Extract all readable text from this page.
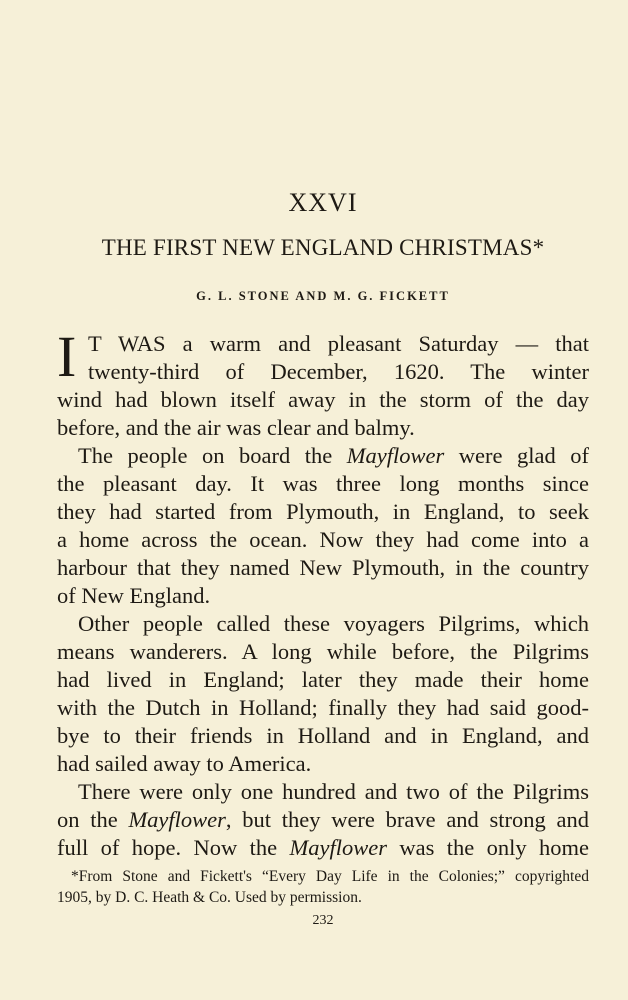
XXVI
THE FIRST NEW ENGLAND CHRISTMAS*
G. L. STONE AND M. G. FICKETT
I T WAS a warm and pleasant Saturday — that
twenty-third of December, 1620. The winter
wind had blown itself away in the storm of the day
before, and the air was clear and balmy.
The people on board the Mayflower were glad of
the pleasant day. It was three long months since
they had started from Plymouth, in England, to seek
a home across the ocean. Now they had come into a
harbour that they named New Plymouth, in the country
of New England.
Other people called these voyagers Pilgrims, which
means wanderers. A long while before, the Pilgrims
had lived in England; later they made their home
with the Dutch in Holland; finally they had said good-
bye to their friends in Holland and in England, and
had sailed away to America.
There were only one hundred and two of the Pilgrims
on the Mayflower, but they were brave and strong and
full of hope. Now the Mayflower was the only home
*From Stone and Fickett's “Every Day Life in the Colonies;” copyrighted
1905, by D. C. Heath & Co. Used by permission.
232
